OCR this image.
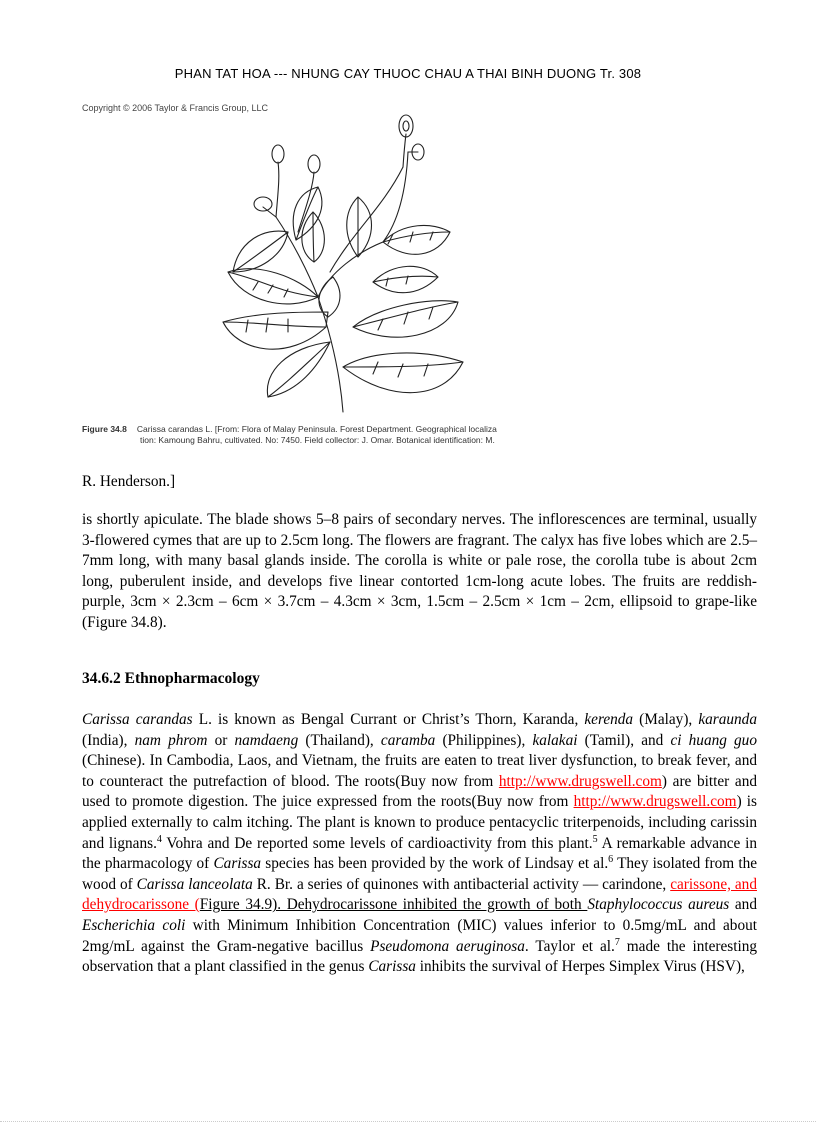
PHAN TAT HOA --- NHUNG CAY THUOC CHAU A THAI BINH DUONG Tr. 308
Copyright © 2006 Taylor & Francis Group, LLC
Figure 34.8 Carissa carandas L. [From: Flora of Malay Peninsula. Forest Department. Geographical localiza
tion: Kamoung Bahru, cultivated. No: 7450. Field collector: J. Omar. Botanical identification: M.
R. Henderson.]
is shortly apiculate. The blade shows 5–8 pairs of secondary nerves. The inflorescences are terminal, usually 3-flowered cymes that are up to 2.5cm long. The flowers are fragrant. The calyx has five lobes which are 2.5–7mm long, with many basal glands inside. The corolla is white or pale rose, the corolla tube is about 2cm long, puberulent inside, and develops five linear contorted 1cm-long acute lobes. The fruits are reddish-purple, 3cm × 2.3cm – 6cm × 3.7cm – 4.3cm × 3cm, 1.5cm – 2.5cm × 1cm – 2cm, ellipsoid to grape-like (Figure 34.8).
34.6.2 Ethnopharmacology
Carissa carandas L. is known as Bengal Currant or Christ’s Thorn, Karanda, kerenda (Malay), karaunda (India), nam phrom or namdaeng (Thailand), caramba (Philippines), kalakai (Tamil), and ci huang guo (Chinese). In Cambodia, Laos, and Vietnam, the fruits are eaten to treat liver dysfunction, to break fever, and to counteract the putrefaction of blood. The roots(Buy now from http://www.drugswell.com) are bitter and used to promote digestion. The juice expressed from the roots(Buy now from http://www.drugswell.com) is applied externally to calm itching. The plant is known to produce pentacyclic triterpenoids, including carissin and lignans.$^4$ Vohra and De reported some levels of cardioactivity from this plant.$^5$ A remarkable advance in the pharmacology of Carissa species has been provided by the work of Lindsay et al.$^6$ They isolated from the wood of Carissa lanceolata R. Br. a series of quinones with antibacterial activity — carindone, carissone, and dehydrocarissone (Figure 34.9). Dehydrocarissone inhibited the growth of both Staphylococcus aureus and Escherichia coli with Minimum Inhibition Concentration (MIC) values inferior to 0.5mg/mL and about 2mg/mL against the Gram-negative bacillus Pseudomona aeruginosa. Taylor et al.$^7$ made the interesting observation that a plant classified in the genus Carissa inhibits the survival of Herpes Simplex Virus (HSV),
